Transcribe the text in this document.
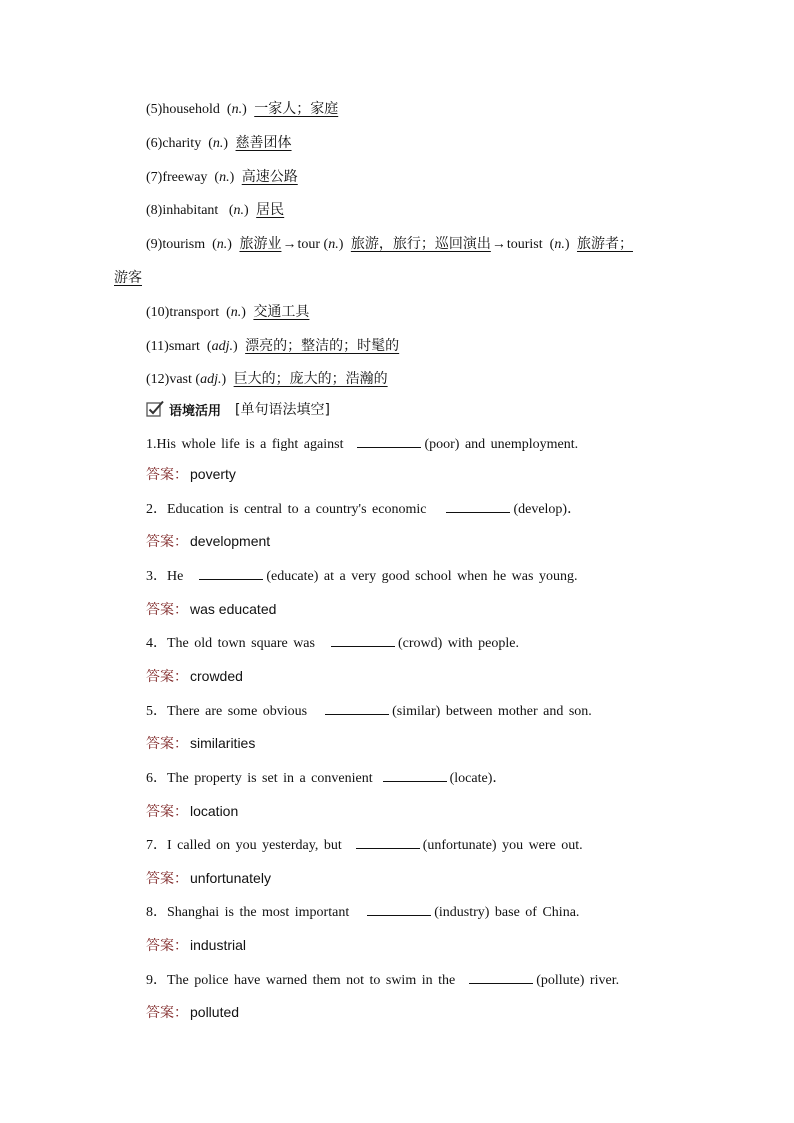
(5)household  (n.) 一家人；家庭
(6)charity  (n.) 慈善团体
(7)freeway  (n.) 高速公路
(8)inhabitant   (n.) 居民
(9)tourism  (n.) 旅游业→tour (n.) 旅游，旅行；巡回演出→tourist  (n.) 旅游者；
游客
(10)transport  (n.) 交通工具
(11)smart  (adj.) 漂亮的；整洁的；时髦的
(12)vast (adj.) 巨大的；庞大的；浩瀚的
语境活用 [单句语法填空]
1.His whole life is a fight against	(poor) and unemployment.
答案： poverty
2．Education is central to a country's economic	(develop)．
答案： development
3．He	(educate) at a very good school when he was young.
答案： was educated
4．The old town square was	(crowd) with people.
答案： crowded
5．There are some obvious	(similar) between mother and son.
答案： similarities
6．The property is set in a convenient	(locate)．
答案： location
7．I called on you yesterday, but	(unfortunate) you were out.
答案： unfortunately
8．Shanghai is the most important	(industry) base of China.
答案： industrial
9．The police have warned them not to swim in the	(pollute) river.
答案： polluted
